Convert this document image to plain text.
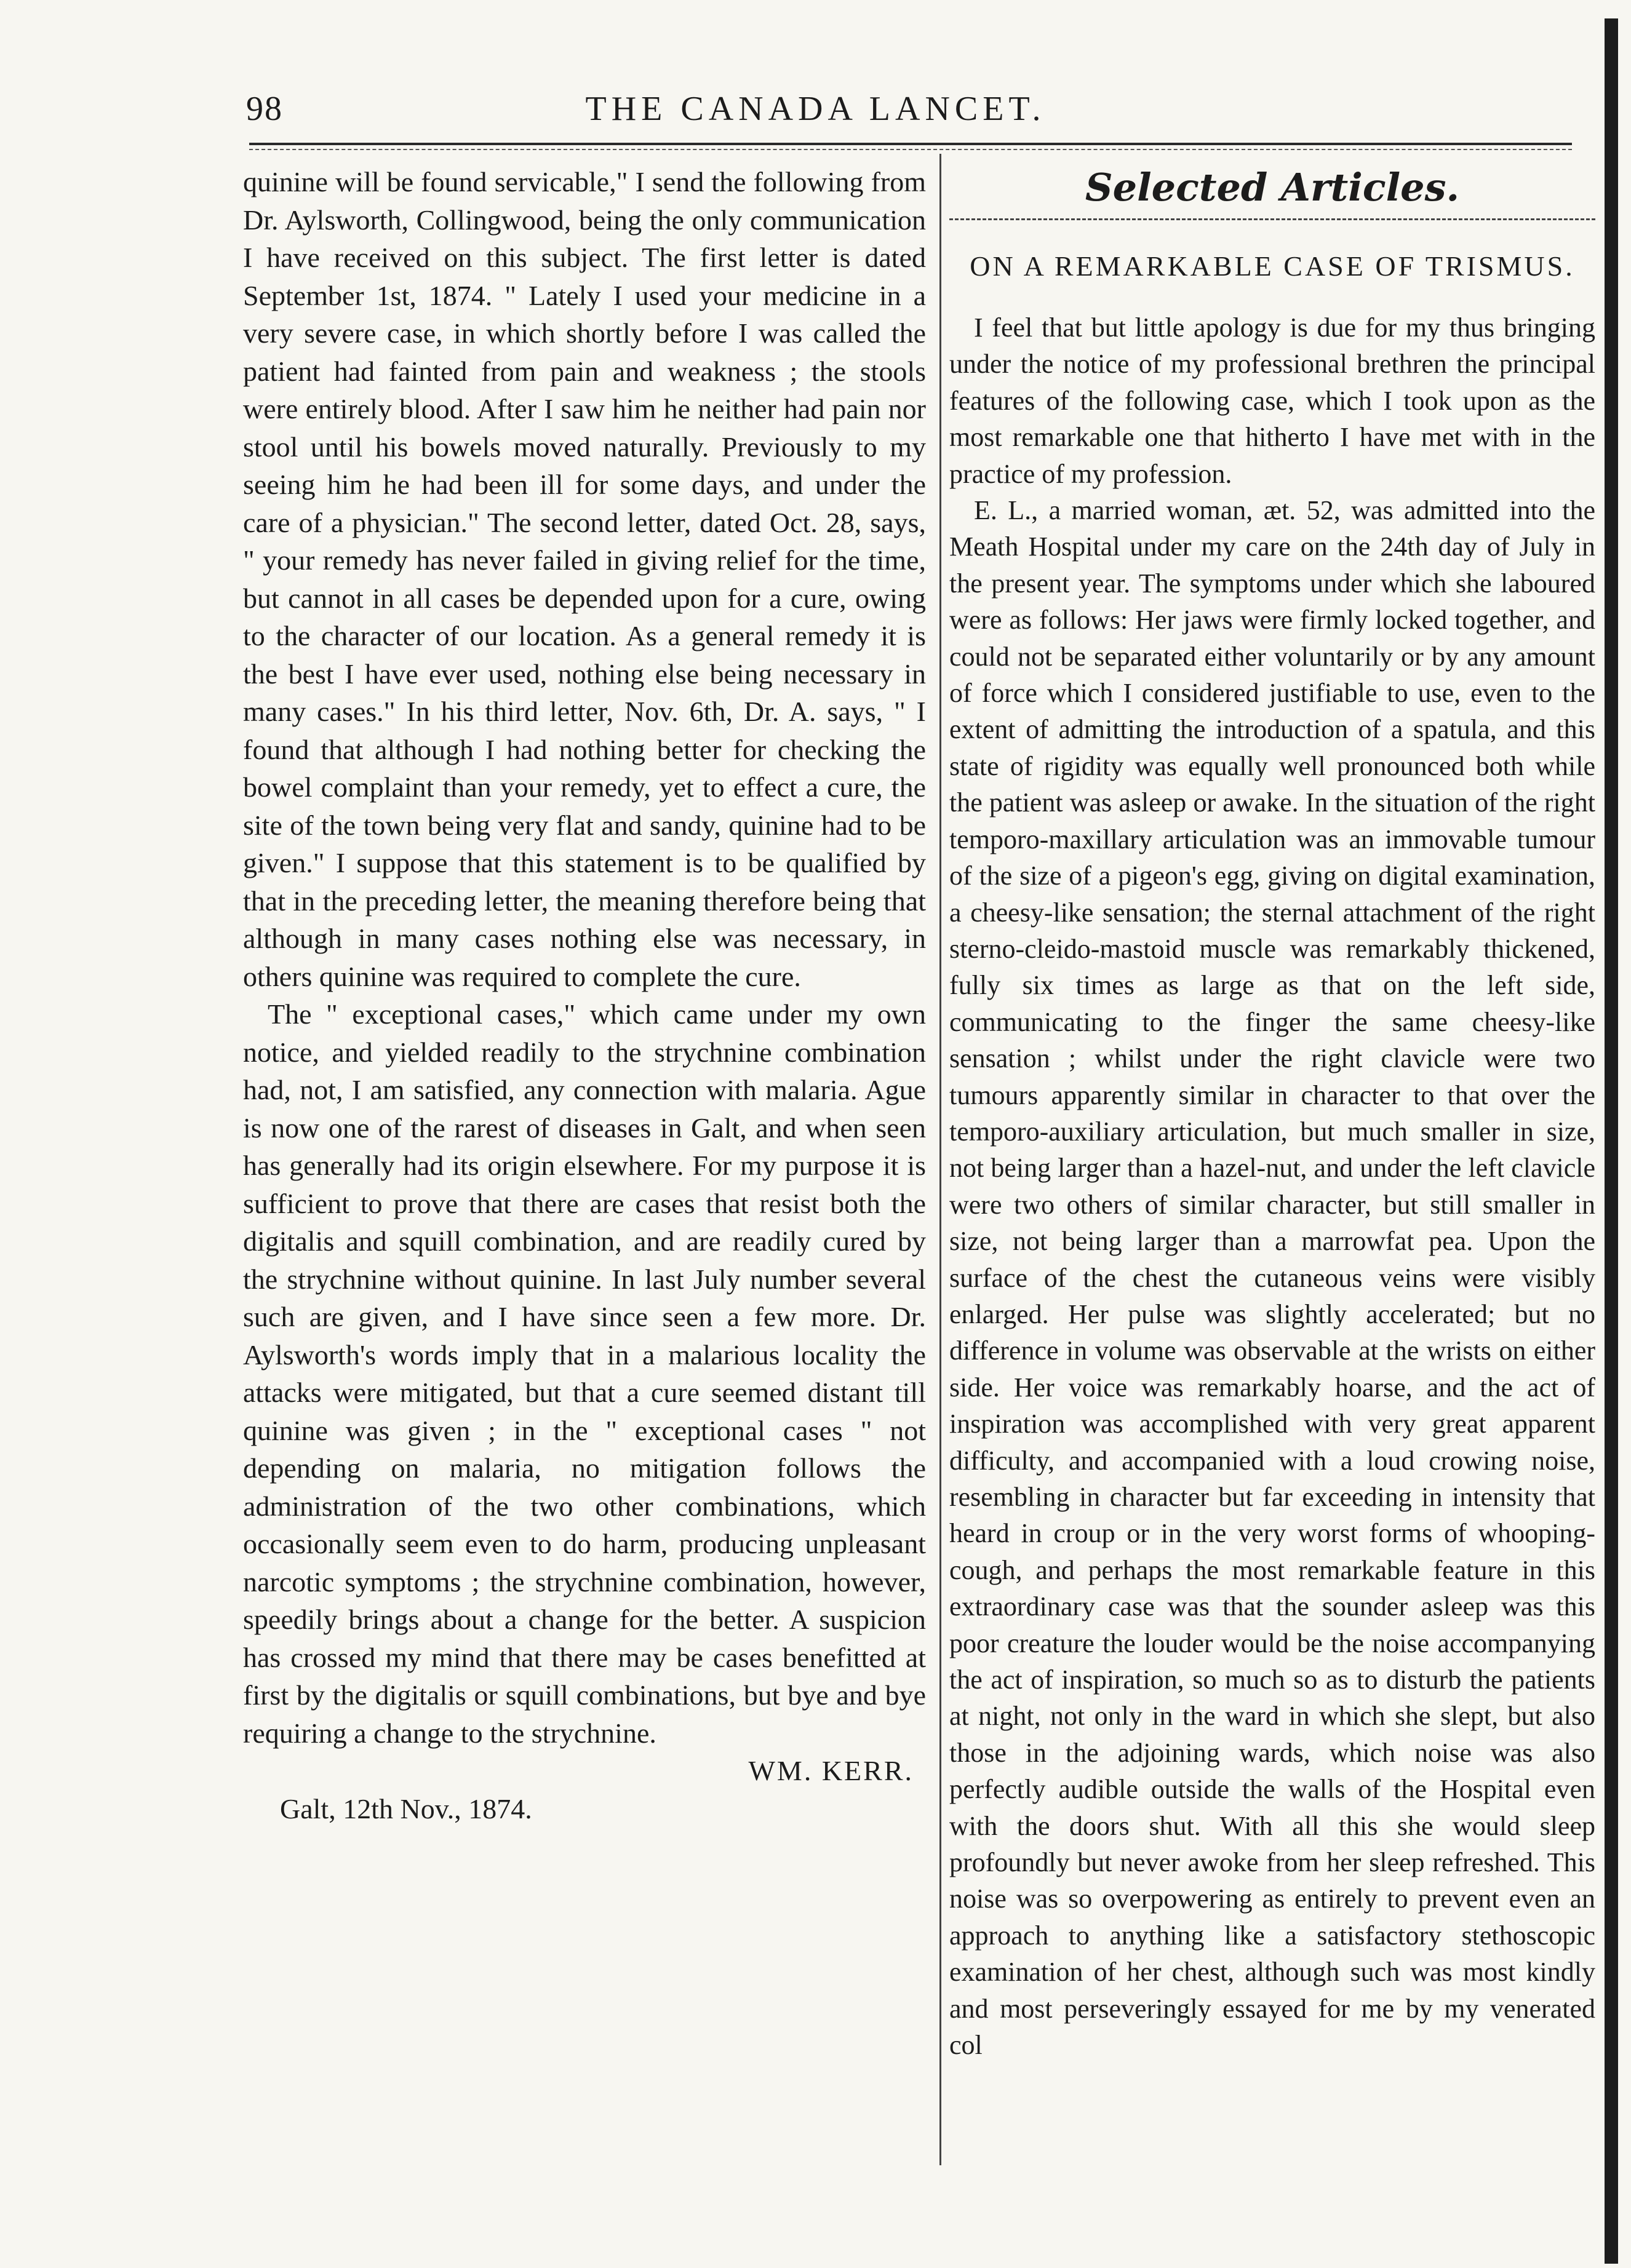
98	THE CANADA LANCET.

quinine will be found servicable," I send the following from Dr. Aylsworth, Collingwood, being the only communication I have received on this subject. The first letter is dated September 1st, 1874. " Lately I used your medicine in a very severe case, in which shortly before I was called the patient had fainted from pain and weakness ; the stools were entirely blood. After I saw him he neither had pain nor stool until his bowels moved naturally. Previously to my seeing him he had been ill for some days, and under the care of a physician." The second letter, dated Oct. 28, says, " your remedy has never failed in giving relief for the time, but cannot in all cases be depended upon for a cure, owing to the character of our location. As a general remedy it is the best I have ever used, nothing else being necessary in many cases." In his third letter, Nov. 6th, Dr. A. says, " I found that although I had nothing better for checking the bowel complaint than your remedy, yet to effect a cure, the site of the town being very flat and sandy, quinine had to be given." I suppose that this statement is to be qualified by that in the preceding letter, the meaning therefore being that although in many cases nothing else was necessary, in others quinine was required to complete the cure.

The " exceptional cases," which came under my own notice, and yielded readily to the strychnine combination had, not, I am satisfied, any connection with malaria. Ague is now one of the rarest of diseases in Galt, and when seen has generally had its origin elsewhere. For my purpose it is sufficient to prove that there are cases that resist both the digitalis and squill combination, and are readily cured by the strychnine without quinine. In last July number several such are given, and I have since seen a few more. Dr. Aylsworth's words imply that in a malarious locality the attacks were mitigated, but that a cure seemed distant till quinine was given ; in the " exceptional cases " not depending on malaria, no mitigation follows the administration of the two other combinations, which occasionally seem even to do harm, producing unpleasant narcotic symptoms ; the strychnine combination, however, speedily brings about a change for the better. A suspicion has crossed my mind that there may be cases benefitted at first by the digitalis or squill combinations, but bye and bye requiring a change to the strychnine.

WM. KERR.

Galt, 12th Nov., 1874.

Selected Articles.
ON A REMARKABLE CASE OF TRISMUS.

I feel that but little apology is due for my thus bringing under the notice of my professional brethren the principal features of the following case, which I took upon as the most remarkable one that hitherto I have met with in the practice of my profession.

E. L., a married woman, æt. 52, was admitted into the Meath Hospital under my care on the 24th day of July in the present year. The symptoms under which she laboured were as follows: Her jaws were firmly locked together, and could not be separated either voluntarily or by any amount of force which I considered justifiable to use, even to the extent of admitting the introduction of a spatula, and this state of rigidity was equally well pronounced both while the patient was asleep or awake. In the situation of the right temporo-maxillary articulation was an immovable tumour of the size of a pigeon's egg, giving on digital examination, a cheesy-like sensation; the sternal attachment of the right sterno-cleido-mastoid muscle was remarkably thickened, fully six times as large as that on the left side, communicating to the finger the same cheesy-like sensation ; whilst under the right clavicle were two tumours apparently similar in character to that over the temporo-auxiliary articulation, but much smaller in size, not being larger than a hazel-nut, and under the left clavicle were two others of similar character, but still smaller in size, not being larger than a marrowfat pea. Upon the surface of the chest the cutaneous veins were visibly enlarged. Her pulse was slightly accelerated; but no difference in volume was observable at the wrists on either side. Her voice was remarkably hoarse, and the act of inspiration was accomplished with very great apparent difficulty, and accompanied with a loud crowing noise, resembling in character but far exceeding in intensity that heard in croup or in the very worst forms of whooping-cough, and perhaps the most remarkable feature in this extraordinary case was that the sounder asleep was this poor creature the louder would be the noise accompanying the act of inspiration, so much so as to disturb the patients at night, not only in the ward in which she slept, but also those in the adjoining wards, which noise was also perfectly audible outside the walls of the Hospital even with the doors shut. With all this she would sleep profoundly but never awoke from her sleep refreshed. This noise was so overpowering as entirely to prevent even an approach to anything like a satisfactory stethoscopic examination of her chest, although such was most kindly and most perseveringly essayed for me by my venerated col
